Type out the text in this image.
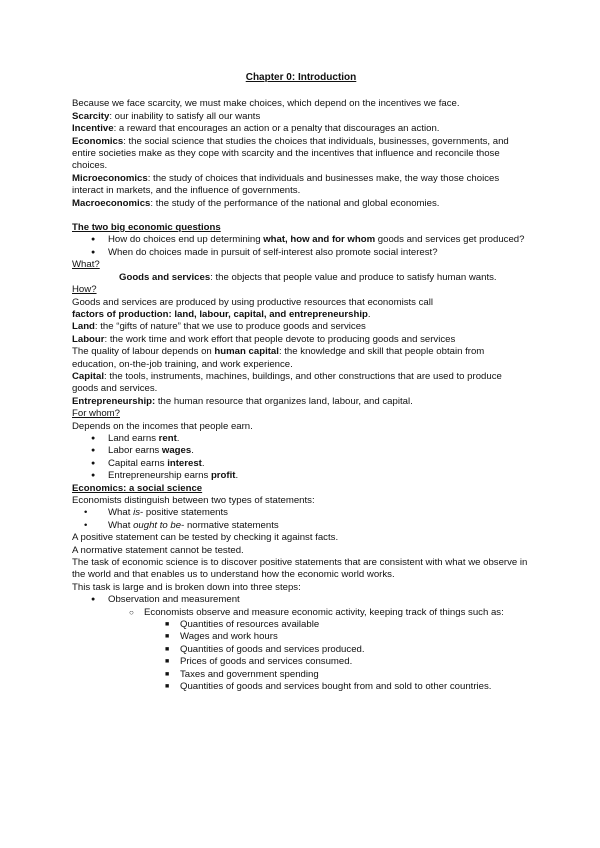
Chapter 0: Introduction

Because we face scarcity, we must make choices, which depend on the incentives we face.

Scarcity: our inability to satisfy all our wants

Incentive: a reward that encourages an action or a penalty that discourages an action.

Economics: the social science that studies the choices that individuals, businesses, governments, and entire societies make as they cope with scarcity and the incentives that influence and reconcile those choices.

Microeconomics: the study of choices that individuals and businesses make, the way those choices interact in markets, and the influence of governments.

Macroeconomics: the study of the performance of the national and global economies.

The two big economic questions

● How do choices end up determining what, how and for whom goods and services get produced?
● When do choices made in pursuit of self-interest also promote social interest?

What?

Goods and services: the objects that people value and produce to satisfy human wants.

How?

Goods and services are produced by using productive resources that economists call

factors of production: land, labour, capital, and entrepreneurship.

Land: the “gifts of nature” that we use to produce goods and services

Labour: the work time and work effort that people devote to producing goods and services

The quality of labour depends on human capital: the knowledge and skill that people obtain from education, on-the-job training, and work experience.

Capital: the tools, instruments, machines, buildings, and other constructions that are used to produce goods and services.

Entrepreneurship: the human resource that organizes land, labour, and capital.

For whom?

Depends on the incomes that people earn.

● Land earns rent.
● Labor earns wages.
● Capital earns interest.
● Entrepreneurship earns profit.

Economics: a social science

Economists distinguish between two types of statements:

• What is- positive statements
• What ought to be- normative statements

A positive statement can be tested by checking it against facts.

A normative statement cannot be tested.

The task of economic science is to discover positive statements that are consistent with what we observe in the world and that enables us to understand how the economic world works.

This task is large and is broken down into three steps:

● Observation and measurement
○ Economists observe and measure economic activity, keeping track of things such as:
■ Quantities of resources available
■ Wages and work hours
■ Quantities of goods and services produced.
■ Prices of goods and services consumed.
■ Taxes and government spending
■ Quantities of goods and services bought from and sold to other countries.
